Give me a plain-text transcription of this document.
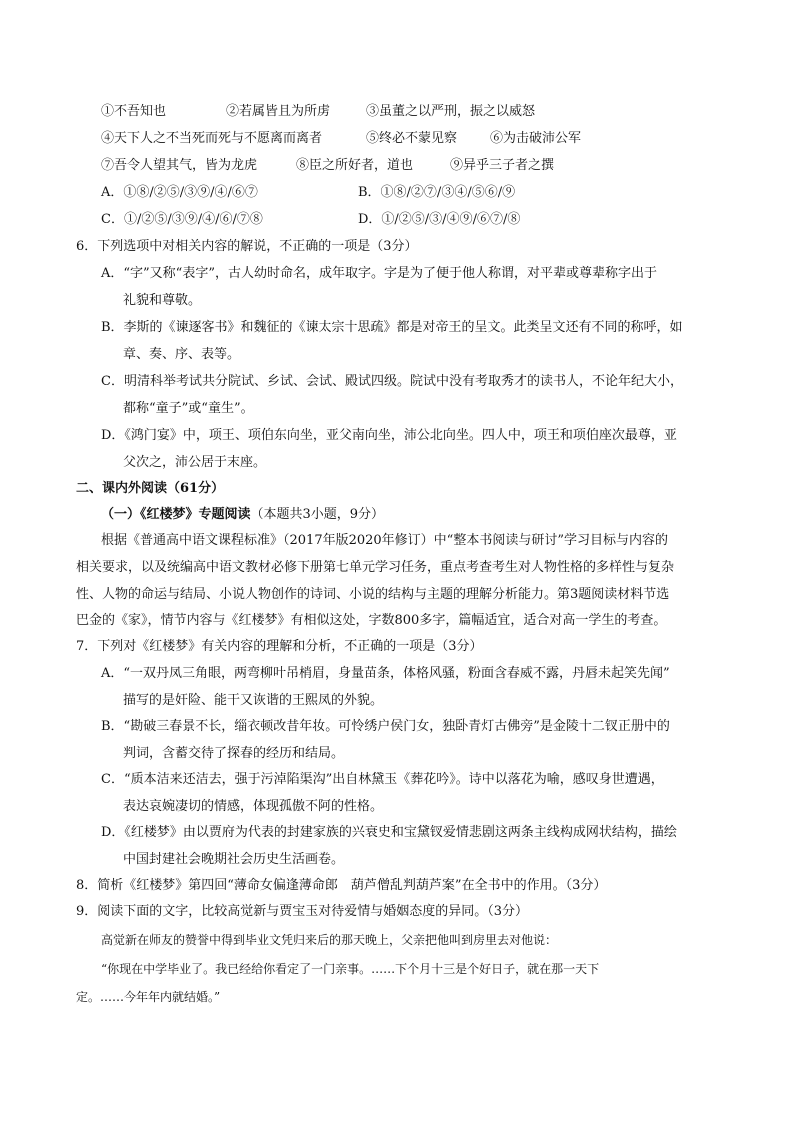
①不吾知也	②若属皆且为所虏	③虽董之以严刑，振之以威怒
④天下人之不当死而死与不愿离而离者	⑤终必不蒙见察	⑥为击破沛公军
⑦吾令人望其气，皆为龙虎	⑧臣之所好者，道也	⑨异乎三子者之撰
A．①⑧/②⑤/③⑨/④/⑥⑦	B．①⑧/②⑦/③④/⑤⑥/⑨
C．①/②⑤/③⑨/④/⑥/⑦⑧	D．①/②⑤/③/④⑨/⑥⑦/⑧
6．下列选项中对相关内容的解说，不正确的一项是（3分）
A．“字”又称“表字”，古人幼时命名，成年取字。字是为了便于他人称谓，对平辈或尊辈称字出于
礼貌和尊敬。
B．李斯的《谏逐客书》和魏征的《谏太宗十思疏》都是对帝王的呈文。此类呈文还有不同的称呼，如
章、奏、序、表等。
C．明清科举考试共分院试、乡试、会试、殿试四级。院试中没有考取秀才的读书人，不论年纪大小，
都称“童子”或“童生”。
D．《鸿门宴》中，项王、项伯东向坐，亚父南向坐，沛公北向坐。四人中，项王和项伯座次最尊，亚
父次之，沛公居于末座。
二、课内外阅读（61分）
（一）《红楼梦》专题阅读（本题共3小题，9分）
根据《普通高中语文课程标准》（2017年版2020年修订）中“整本书阅读与研讨”学习目标与内容的
相关要求，以及统编高中语文教材必修下册第七单元学习任务，重点考查考生对人物性格的多样性与复杂
性、人物的命运与结局、小说人物创作的诗词、小说的结构与主题的理解分析能力。第3题阅读材料节选
巴金的《家》，情节内容与《红楼梦》有相似这处，字数800多字，篇幅适宜，适合对高一学生的考查。
7．下列对《红楼梦》有关内容的理解和分析，不正确的一项是（3分）
A．“一双丹凤三角眼，两弯柳叶吊梢眉，身量苗条，体格风骚，粉面含春威不露，丹唇未起笑先闻”
描写的是奸险、能干又诙谐的王熙凤的外貌。
B．“勘破三春景不长，缁衣顿改昔年妆。可怜绣户侯门女，独卧青灯古佛旁”是金陵十二钗正册中的
判词，含蓄交待了探春的经历和结局。
C．“质本洁来还洁去，强于污淖陷渠沟”出自林黛玉《葬花吟》。诗中以落花为喻，感叹身世遭遇，
表达哀婉凄切的情感，体现孤傲不阿的性格。
D．《红楼梦》由以贾府为代表的封建家族的兴衰史和宝黛钗爱情悲剧这两条主线构成网状结构，描绘
中国封建社会晚期社会历史生活画卷。
8．简析《红楼梦》第四回“薄命女偏逢薄命郎　葫芦僧乱判葫芦案”在全书中的作用。（3分）
9．阅读下面的文字，比较高觉新与贾宝玉对待爱情与婚姻态度的异同。（3分）
高觉新在师友的赞誉中得到毕业文凭归来后的那天晚上，父亲把他叫到房里去对他说：
“你现在中学毕业了。我已经给你看定了一门亲事。……下个月十三是个好日子，就在那一天下
定。……今年年内就结婚。”
